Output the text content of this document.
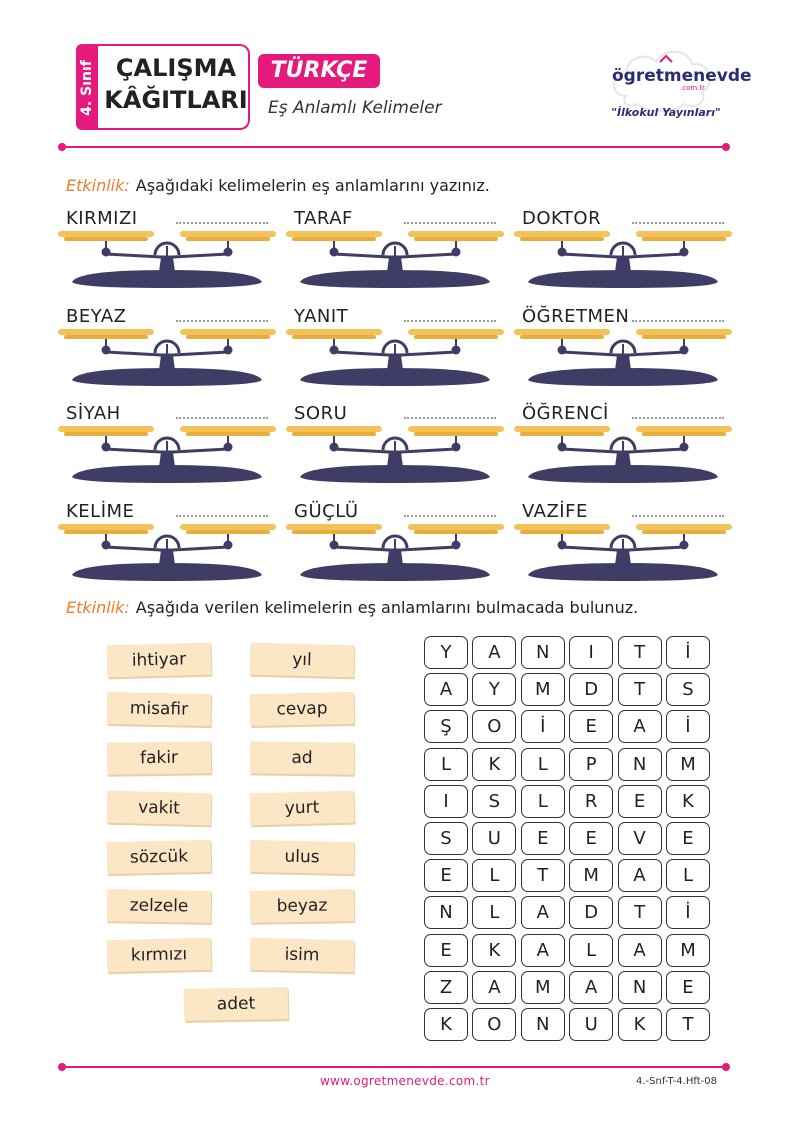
4. Sınıf ÇALIŞMA
KÂĞITLARI
TÜRKÇE
Eş Anlamlı Kelimeler
ögretmenevde
.com.tr
"İlkokul Yayınları"
Etkinlik: Aşağıdaki kelimelerin eş anlamlarını yazınız.
KIRMIZI	TARAF	DOKTOR
BEYAZ	YANIT	ÖĞRETMEN
SİYAH	SORU	ÖĞRENCİ
KELİME	GÜÇLÜ	VAZİFE
Etkinlik: Aşağıda verilen kelimelerin eş anlamlarını bulmacada bulunuz.
ihtiyar
misafir
fakir
vakit
sözcük
zelzele
kırmızı
yıl
cevap
ad
yurt
ulus
beyaz
isim
adet
Y	A	N	I	T	İ
A	Y	M	D	T	S
Ş	O	İ	E	A	İ
L	K	L	P	N	M
I	S	L	R	E	K
S	U	E	E	V	E
E	L	T	M	A	L
N	L	A	D	T	İ
E	K	A	L	A	M
Z	A	M	A	N	E
K	O	N	U	K	T
www.ogretmenevde.com.tr	4.-Snf-T-4.Hft-08
